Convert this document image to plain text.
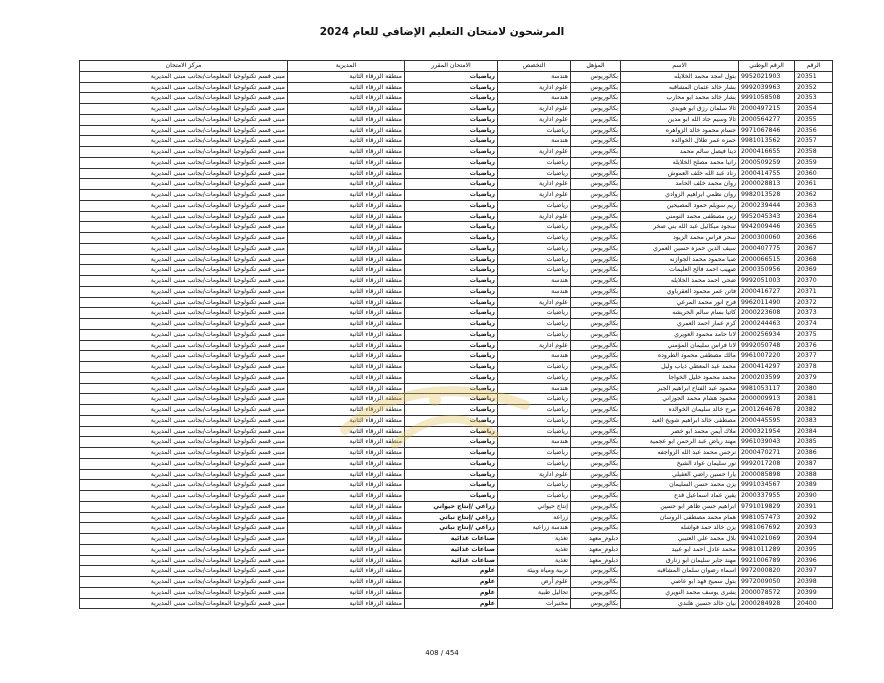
المرشحون لامتحان التعليم الإضافي للعام 2024
الرقم	الرقم الوطني	الاسم	المؤهل	التخصص	الامتحان المقرر	المديرية	مركز الامتحان
20351	9952021903	بتول امجد محمد الخلايله	بكالوريوس	هندسة	رياضيات	منطقة الزرقاء الثانية	مبنى قسم تكنولوجيا المعلومات/بجانب مبنى المديرية
20352	9992039963	بشار خالد عثمان المشاقبه	بكالوريوس	علوم ادارية	رياضيات	منطقة الزرقاء الثانية	مبنى قسم تكنولوجيا المعلومات/بجانب مبنى المديرية
20353	9991058508	بشار خالد محمد ابو محارب	بكالوريوس	هندسة	رياضيات	منطقة الزرقاء الثانية	مبنى قسم تكنولوجيا المعلومات/بجانب مبنى المديرية
20354	2000497215	تالا سلمان رزق ابو هويدي	بكالوريوس	علوم ادارية	رياضيات	منطقة الزرقاء الثانية	مبنى قسم تكنولوجيا المعلومات/بجانب مبنى المديرية
20355	2000564277	تالا وسيم جاد الله ابو مدين	بكالوريوس	علوم ادارية	رياضيات	منطقة الزرقاء الثانية	مبنى قسم تكنولوجيا المعلومات/بجانب مبنى المديرية
20356	9971067846	حسام محمود خالد الزواهره	بكالوريوس	رياضيات	رياضيات	منطقة الزرقاء الثانية	مبنى قسم تكنولوجيا المعلومات/بجانب مبنى المديرية
20357	9981013562	حمزه عمر طلال الخوالده	بكالوريوس	هندسة	رياضيات	منطقة الزرقاء الثانية	مبنى قسم تكنولوجيا المعلومات/بجانب مبنى المديرية
20358	2000416655	دينا فيصل سالم محمد	بكالوريوس	علوم ادارية	رياضيات	منطقة الزرقاء الثانية	مبنى قسم تكنولوجيا المعلومات/بجانب مبنى المديرية
20359	2000509259	رانيا محمد مصلح الخلايله	بكالوريوس	رياضيات	رياضيات	منطقة الزرقاء الثانية	مبنى قسم تكنولوجيا المعلومات/بجانب مبنى المديرية
20360	2000414755	رناد عبد الله خلف العموش	بكالوريوس	رياضيات	رياضيات	منطقة الزرقاء الثانية	مبنى قسم تكنولوجيا المعلومات/بجانب مبنى المديرية
20361	2000028813	روان محمد خلف الحامد	بكالوريوس	علوم ادارية	رياضيات	منطقة الزرقاء الثانية	مبنى قسم تكنولوجيا المعلومات/بجانب مبنى المديرية
20362	9982013528	روان نظمي ابراهيم الزوادي	بكالوريوس	علوم ادارية	رياضيات	منطقة الزرقاء الثانية	مبنى قسم تكنولوجيا المعلومات/بجانب مبنى المديرية
20363	2000239444	ريم سويلم حمود المصيحين	بكالوريوس	رياضيات	رياضيات	منطقة الزرقاء الثانية	مبنى قسم تكنولوجيا المعلومات/بجانب مبنى المديرية
20364	9952045343	زين مصطفى محمد النومني	بكالوريوس	علوم ادارية	رياضيات	منطقة الزرقاء الثانية	مبنى قسم تكنولوجيا المعلومات/بجانب مبنى المديرية
20365	9942009446	سجود ميكائيل عبد الله بني صخر	بكالوريوس	رياضيات	رياضيات	منطقة الزرقاء الثانية	مبنى قسم تكنولوجيا المعلومات/بجانب مبنى المديرية
20366	2000300060	سحر فراس محمد الزيود	بكالوريوس	رياضيات	رياضيات	منطقة الزرقاء الثانية	مبنى قسم تكنولوجيا المعلومات/بجانب مبنى المديرية
20367	2000407775	سيف الدين حمزه حسين العمري	بكالوريوس	رياضيات	رياضيات	منطقة الزرقاء الثانية	مبنى قسم تكنولوجيا المعلومات/بجانب مبنى المديرية
20368	2000066515	صبا محمود محمد الجوازنه	بكالوريوس	رياضيات	رياضيات	منطقة الزرقاء الثانية	مبنى قسم تكنولوجيا المعلومات/بجانب مبنى المديرية
20369	2000350956	صهيب احمد فالح العليمات	بكالوريوس	رياضيات	رياضيات	منطقة الزرقاء الثانية	مبنى قسم تكنولوجيا المعلومات/بجانب مبنى المديرية
20370	9992051003	ضحى احمد محمد الخلايله	بكالوريوس	هندسة	رياضيات	منطقة الزرقاء الثانية	مبنى قسم تكنولوجيا المعلومات/بجانب مبنى المديرية
20371	2000416727	فاتن عمر محمود العقرباوي	بكالوريوس	هندسة	رياضيات	منطقة الزرقاء الثانية	مبنى قسم تكنولوجيا المعلومات/بجانب مبنى المديرية
20372	9962011490	فرح انور محمد المرعي	بكالوريوس	علوم ادارية	رياضيات	منطقة الزرقاء الثانية	مبنى قسم تكنولوجيا المعلومات/بجانب مبنى المديرية
20373	2000223608	كاتيا بسام سالم الحريشه	بكالوريوس	رياضيات	رياضيات	منطقة الزرقاء الثانية	مبنى قسم تكنولوجيا المعلومات/بجانب مبنى المديرية
20374	2000244463	كرم عمار احمد العمري	بكالوريوس	رياضيات	رياضيات	منطقة الزرقاء الثانية	مبنى قسم تكنولوجيا المعلومات/بجانب مبنى المديرية
20375	2000256934	لانا حامد محمود العويري	بكالوريوس	رياضيات	رياضيات	منطقة الزرقاء الثانية	مبنى قسم تكنولوجيا المعلومات/بجانب مبنى المديرية
20376	9992050748	لانا فراس سليمان المؤمني	بكالوريوس	علوم ادارية	رياضيات	منطقة الزرقاء الثانية	مبنى قسم تكنولوجيا المعلومات/بجانب مبنى المديرية
20377	9961007220	مالك مصطفى محمود الطروده	بكالوريوس	هندسة	رياضيات	منطقة الزرقاء الثانية	مبنى قسم تكنولوجيا المعلومات/بجانب مبنى المديرية
20378	2000414297	محمد عبد المعطي ذياب وليل	بكالوريوس	رياضيات	رياضيات	منطقة الزرقاء الثانية	مبنى قسم تكنولوجيا المعلومات/بجانب مبنى المديرية
20379	2000203599	محمد محمود خليل الخواجا	بكالوريوس	رياضيات	رياضيات	منطقة الزرقاء الثانية	مبنى قسم تكنولوجيا المعلومات/بجانب مبنى المديرية
20380	9981053117	محمود عبد الفتاح ابراهيم الجبر	بكالوريوس	هندسة	رياضيات	منطقة الزرقاء الثانية	مبنى قسم تكنولوجيا المعلومات/بجانب مبنى المديرية
20381	2000009913	محمود هشام محمد الجوزاني	بكالوريوس	رياضيات	رياضيات	منطقة الزرقاء الثانية	مبنى قسم تكنولوجيا المعلومات/بجانب مبنى المديرية
20382	2001264678	مرح خالد سليمان الخوالده	بكالوريوس	رياضيات	رياضيات	منطقة الزرقاء الثانية	مبنى قسم تكنولوجيا المعلومات/بجانب مبنى المديرية
20383	2000445595	مصطفى خالد ابراهيم شويخ العيد	بكالوريوس	رياضيات	رياضيات	منطقة الزرقاء الثانية	مبنى قسم تكنولوجيا المعلومات/بجانب مبنى المديرية
20384	2000321954	ملاك أيمن محمد ابو خضر	بكالوريوس	رياضيات	رياضيات	منطقة الزرقاء الثانية	مبنى قسم تكنولوجيا المعلومات/بجانب مبنى المديرية
20385	9961039043	مهند رياض عبد الرحمن ابو عجمية	بكالوريوس	هندسة	رياضيات	منطقة الزرقاء الثانية	مبنى قسم تكنولوجيا المعلومات/بجانب مبنى المديرية
20386	2000470271	نرجس محمد عبد الله الرواجفه	بكالوريوس	رياضيات	رياضيات	منطقة الزرقاء الثانية	مبنى قسم تكنولوجيا المعلومات/بجانب مبنى المديرية
20387	9992017208	نور سليمان عواد الشيخ	بكالوريوس	رياضيات	رياضيات	منطقة الزرقاء الثانية	مبنى قسم تكنولوجيا المعلومات/بجانب مبنى المديرية
20388	2000085898	يارا حسين راضي العقيلي	بكالوريوس	علوم ادارية	رياضيات	منطقة الزرقاء الثانية	مبنى قسم تكنولوجيا المعلومات/بجانب مبنى المديرية
20389	9991034567	يزن محمد حسن السليمان	بكالوريوس	رياضيات	رياضيات	منطقة الزرقاء الثانية	مبنى قسم تكنولوجيا المعلومات/بجانب مبنى المديرية
20390	2000337955	يقين عماد اسماعيل قدح	بكالوريوس	رياضيات	رياضيات	منطقة الزرقاء الثانية	مبنى قسم تكنولوجيا المعلومات/بجانب مبنى المديرية
20391	9791019829	ابراهيم حسن ظاهر ابو حسين	بكالوريوس	إنتاج حيواني	زراعي /إنتاج حيواني	منطقة الزرقاء الثانية	مبنى قسم تكنولوجيا المعلومات/بجانب مبنى المديرية
20392	9981057473	همام محمد مصطفى الروسان	بكالوريوس	زراعة	زراعي /إنتاج نباتي	منطقة الزرقاء الثانية	مبنى قسم تكنولوجيا المعلومات/بجانب مبنى المديرية
20393	9981067692	يزن خالد حمد فواشله	بكالوريوس	هندسة زراعية	زراعي /إنتاج نباتي	منطقة الزرقاء الثانية	مبنى قسم تكنولوجيا المعلومات/بجانب مبنى المديرية
20394	9941021069	بلال محمد علي العتيبي	دبلوم_معهد	تغذية	صناعات غذائية	منطقة الزرقاء الثانية	مبنى قسم تكنولوجيا المعلومات/بجانب مبنى المديرية
20395	9981011289	محمد عادل احمد ابو عبيد	دبلوم_معهد	تغذية	صناعات غذائية	منطقة الزرقاء الثانية	مبنى قسم تكنولوجيا المعلومات/بجانب مبنى المديرية
20396	9921006789	مهند جابر سليمان ابو زنارق	دبلوم_معهد	تغذية	صناعات غذائية	منطقة الزرقاء الثانية	مبنى قسم تكنولوجيا المعلومات/بجانب مبنى المديرية
20397	9972000820	اسماء رضوان سلمان المشاقبه	بكالوريوس	تربية ومياه وبيئة	علوم	منطقة الزرقاء الثانية	مبنى قسم تكنولوجيا المعلومات/بجانب مبنى المديرية
20398	9972009050	بتول سميح فهد ابو عاصي	بكالوريوس	علوم أرض	علوم	منطقة الزرقاء الثانية	مبنى قسم تكنولوجيا المعلومات/بجانب مبنى المديرية
20399	2000078572	بشرى يوسف محمد النويري	بكالوريوس	تحاليل طبية	علوم	منطقة الزرقاء الثانية	مبنى قسم تكنولوجيا المعلومات/بجانب مبنى المديرية
20400	2000284928	بيان خالد حسين هلندي	بكالوريوس	مختبرات	علوم	منطقة الزرقاء الثانية	مبنى قسم تكنولوجيا المعلومات/بجانب مبنى المديرية
408 / 454
